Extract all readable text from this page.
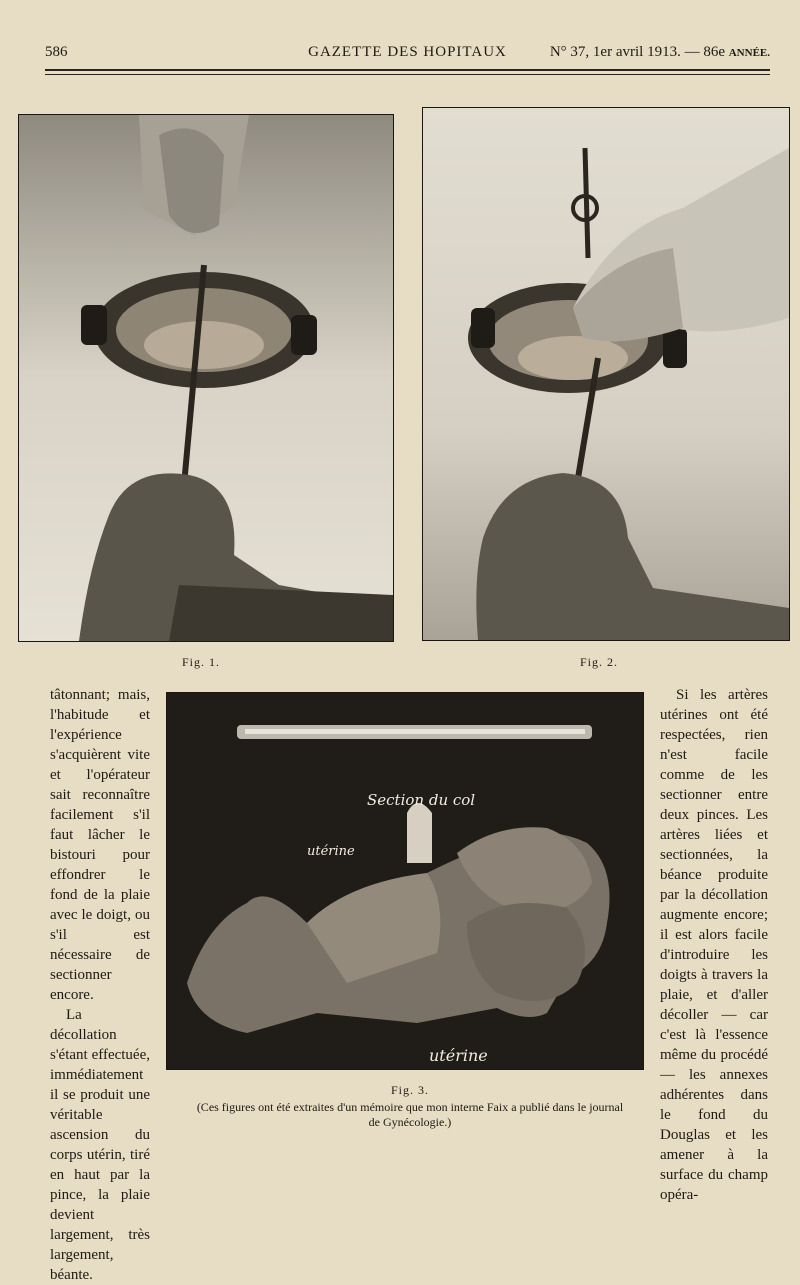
586	GAZETTE DES HOPITAUX	N° 37, 1er avril 1913. — 86e ANNÉE.
Fig. 1.	Fig. 2.

tâtonnant; mais, l'habitude et l'expérience s'acquièrent vite et l'opérateur sait reconnaître facilement s'il faut lâcher le bistouri pour effondrer le fond de la plaie avec le doigt, ou s'il est nécessaire de sectionner encore.

La décollation s'étant effectuée, immédiatement il se produit une véritable ascension du corps utérin, tiré en haut par la pince, la plaie devient largement, très largement, béante.

Section du col
utérine
utérine
Fig. 3.
(Ces figures ont été extraites d'un mémoire que mon interne Faix a publié dans le journal de Gynécologie.)

Si les artères utérines ont été respectées, rien n'est facile comme de les sectionner entre deux pinces. Les artères liées et sectionnées, la béance produite par la décollation augmente encore; il est alors facile d'introduire les doigts à travers la plaie, et d'aller décoller — car c'est là l'essence même du procédé — les annexes adhérentes dans le fond du Douglas et les amener à la surface du champ opéra-
